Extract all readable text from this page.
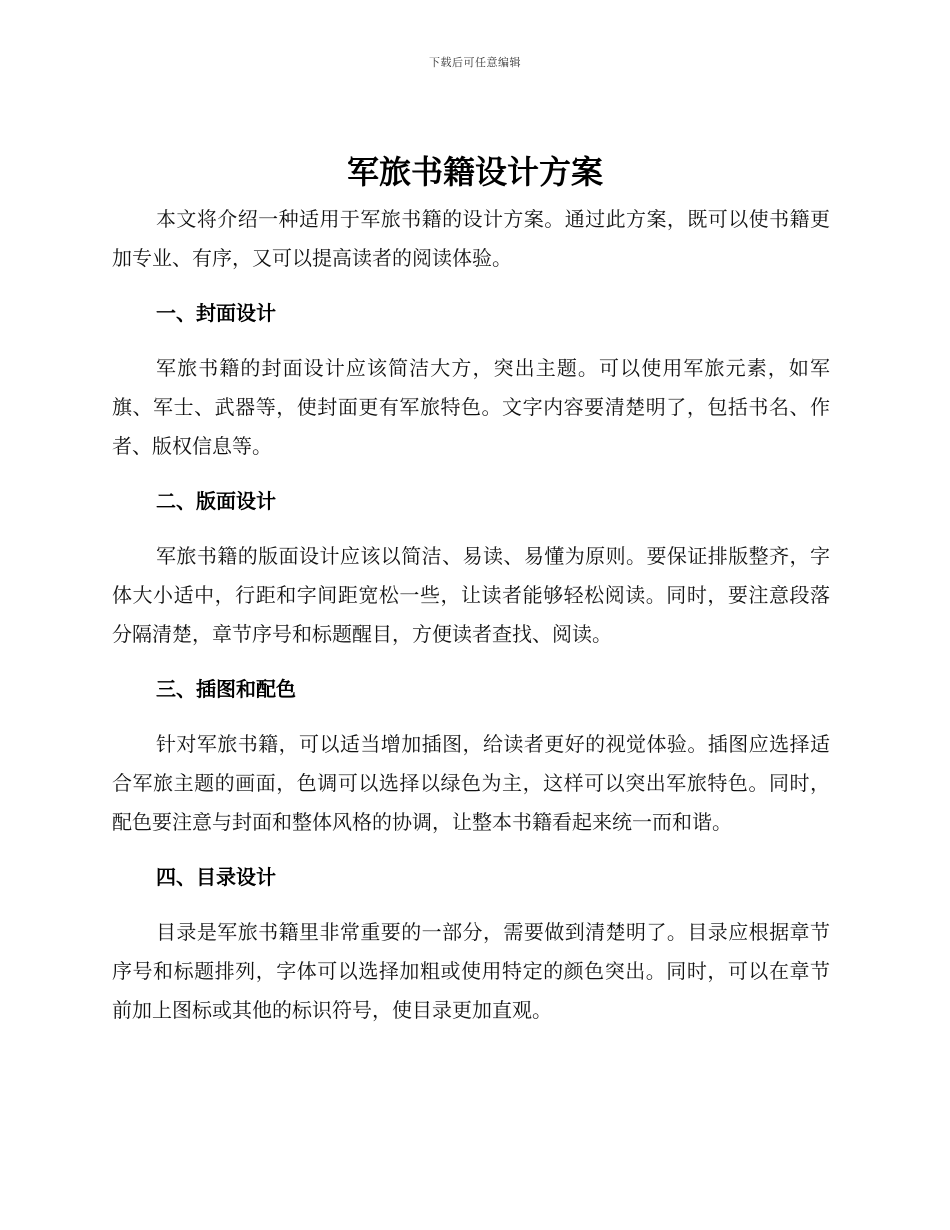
下载后可任意编辑
军旅书籍设计方案

本文将介绍一种适用于军旅书籍的设计方案。通过此方案，既可以使书籍更加专业、有序，又可以提高读者的阅读体验。

一、封面设计

军旅书籍的封面设计应该简洁大方，突出主题。可以使用军旅元素，如军旗、军士、武器等，使封面更有军旅特色。文字内容要清楚明了，包括书名、作者、版权信息等。

二、版面设计

军旅书籍的版面设计应该以简洁、易读、易懂为原则。要保证排版整齐，字体大小适中，行距和字间距宽松一些，让读者能够轻松阅读。同时，要注意段落分隔清楚，章节序号和标题醒目，方便读者查找、阅读。

三、插图和配色

针对军旅书籍，可以适当增加插图，给读者更好的视觉体验。插图应选择适合军旅主题的画面，色调可以选择以绿色为主，这样可以突出军旅特色。同时，配色要注意与封面和整体风格的协调，让整本书籍看起来统一而和谐。

四、目录设计

目录是军旅书籍里非常重要的一部分，需要做到清楚明了。目录应根据章节序号和标题排列，字体可以选择加粗或使用特定的颜色突出。同时，可以在章节前加上图标或其他的标识符号，使目录更加直观。
